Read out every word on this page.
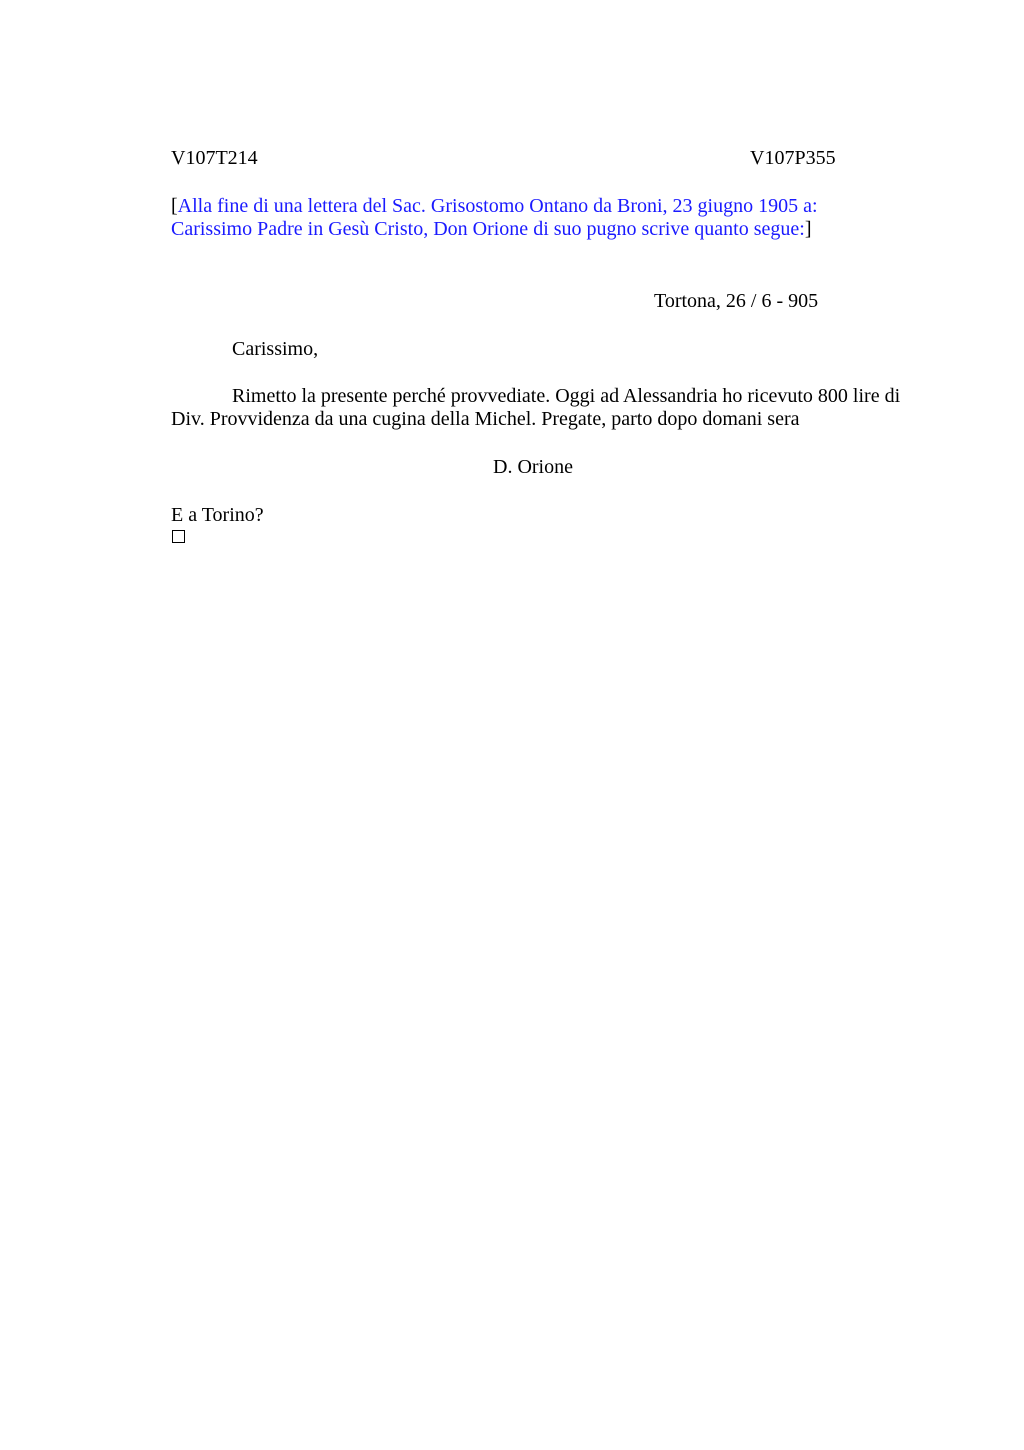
V107T214	V107P355
[Alla fine di una lettera del Sac. Grisostomo Ontano da Broni, 23 giugno 1905 a:
Carissimo Padre in Gesù Cristo, Don Orione di suo pugno scrive quanto segue:]
Tortona, 26 / 6 - 905
Carissimo,
Rimetto la presente perché provvediate. Oggi ad Alessandria ho ricevuto 800 lire di
Div. Provvidenza da una cugina della Michel. Pregate, parto dopo domani sera
D. Orione
E a Torino?
